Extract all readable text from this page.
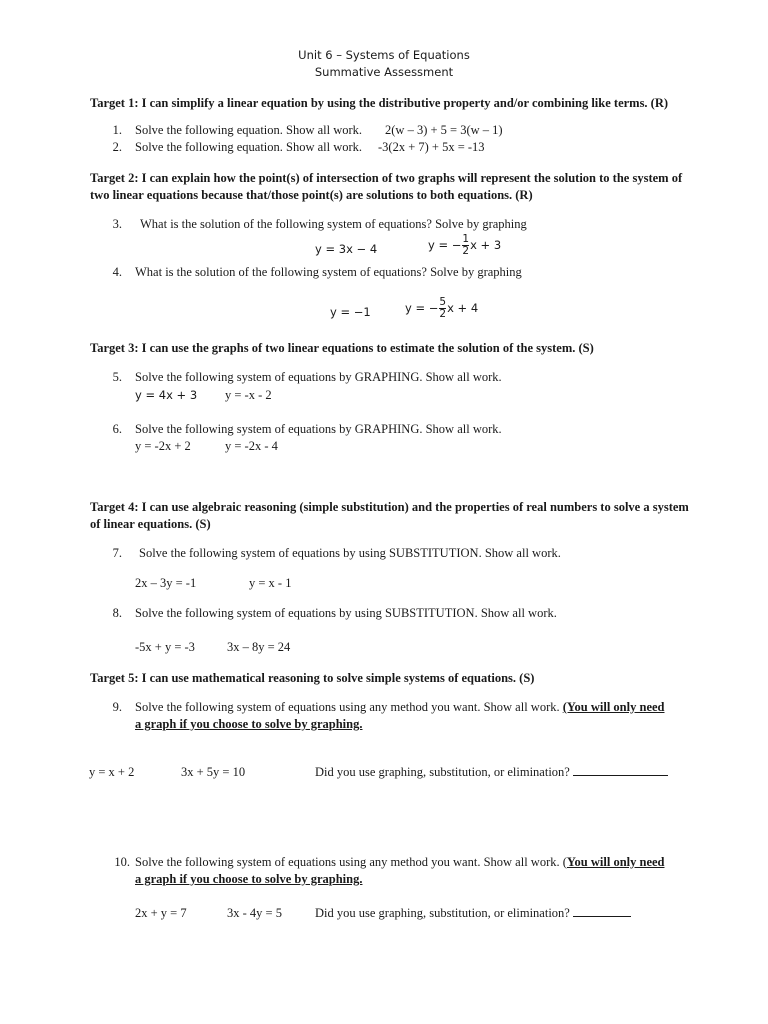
Unit 6 – Systems of Equations
Summative Assessment
Target 1: I can simplify a linear equation by using the distributive property and/or combining like terms. (R)
1. Solve the following equation. Show all work. 2(w – 3) + 5 = 3(w – 1)
2. Solve the following equation. Show all work. -3(2x + 7) + 5x = -13
Target 2: I can explain how the point(s) of intersection of two graphs will represent the solution to the system of two linear equations because that/those point(s) are solutions to both equations. (R)
3. What is the solution of the following system of equations? Solve by graphing
y = 3x − 4	y = − $\frac{1}{2}$ x + 3
4. What is the solution of the following system of equations? Solve by graphing
y = −1	y = − $\frac{5}{2}$ x + 4
Target 3: I can use the graphs of two linear equations to estimate the solution of the system. (S)
5. Solve the following system of equations by GRAPHING. Show all work.
y = 4x + 3 y = -x - 2
6. Solve the following system of equations by GRAPHING. Show all work.
y = -2x + 2	y = -2x - 4
Target 4: I can use algebraic reasoning (simple substitution) and the properties of real numbers to solve a system of linear equations. (S)
7. Solve the following system of equations by using SUBSTITUTION. Show all work.
2x – 3y = -1	y = x - 1
8. Solve the following system of equations by using SUBSTITUTION. Show all work.
-5x + y = -3	3x – 8y = 24
Target 5: I can use mathematical reasoning to solve simple systems of equations. (S)
9. Solve the following system of equations using any method you want. Show all work. (You will only need
a graph if you choose to solve by graphing.
y = x + 2	3x + 5y = 10	Did you use graphing, substitution, or elimination?
10. Solve the following system of equations using any method you want. Show all work. (You will only need
a graph if you choose to solve by graphing.
2x + y = 7	3x - 4y = 5	Did you use graphing, substitution, or elimination?
